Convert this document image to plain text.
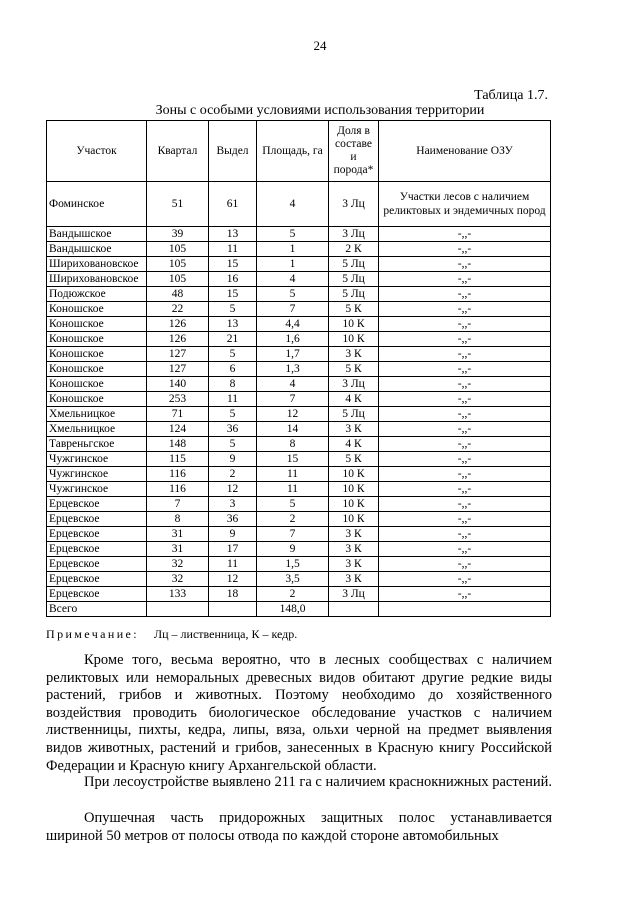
24
Таблица 1.7.
Зоны с особыми условиями использования территории
Участок	Квартал	Выдел	Площадь, га	Доля в составе и порода*	Наименование ОЗУ
Фоминское	51	61	4	3 Лц	Участки лесов с наличием реликтовых и эндемичных пород
Вандышское	39	13	5	3 Лц	-,,-
Вандышское	105	11	1	2 К	-,,-
Шириховановское	105	15	1	5 Лц	-,,-
Шириховановское	105	16	4	5 Лц	-,,-
Подюжское	48	15	5	5 Лц	-,,-
Коношское	22	5	7	5 К	-,,-
Коношское	126	13	4,4	10 К	-,,-
Коношское	126	21	1,6	10 К	-,,-
Коношское	127	5	1,7	3 К	-,,-
Коношское	127	6	1,3	5 К	-,,-
Коношское	140	8	4	3 Лц	-,,-
Коношское	253	11	7	4 К	-,,-
Хмельницкое	71	5	12	5 Лц	-,,-
Хмельницкое	124	36	14	3 К	-,,-
Тавреньгское	148	5	8	4 К	-,,-
Чужгинское	115	9	15	5 К	-,,-
Чужгинское	116	2	11	10 К	-,,-
Чужгинское	116	12	11	10 К	-,,-
Ерцевское	7	3	5	10 К	-,,-
Ерцевское	8	36	2	10 К	-,,-
Ерцевское	31	9	7	3 К	-,,-
Ерцевское	31	17	9	3 К	-,,-
Ерцевское	32	11	1,5	3 К	-,,-
Ерцевское	32	12	3,5	3 К	-,,-
Ерцевское	133	18	2	3 Лц	-,,-
Всего			148,0		
Примечание: Лц – лиственница, К – кедр.

Кроме того, весьма вероятно, что в лесных сообществах с наличием реликтовых или неморальных древесных видов обитают другие редкие виды растений, грибов и животных. Поэтому необходимо до хозяйственного воздействия проводить биологическое обследование участков с наличием лиственницы, пихты, кедра, липы, вяза, ольхи черной на предмет выявления видов животных, растений и грибов, занесенных в Красную книгу Российской Федерации и Красную книгу Архангельской области.

При лесоустройстве выявлено 211 га с наличием краснокнижных растений.

Опушечная часть придорожных защитных полос устанавливается шириной 50 метров от полосы отвода по каждой стороне автомобильных
